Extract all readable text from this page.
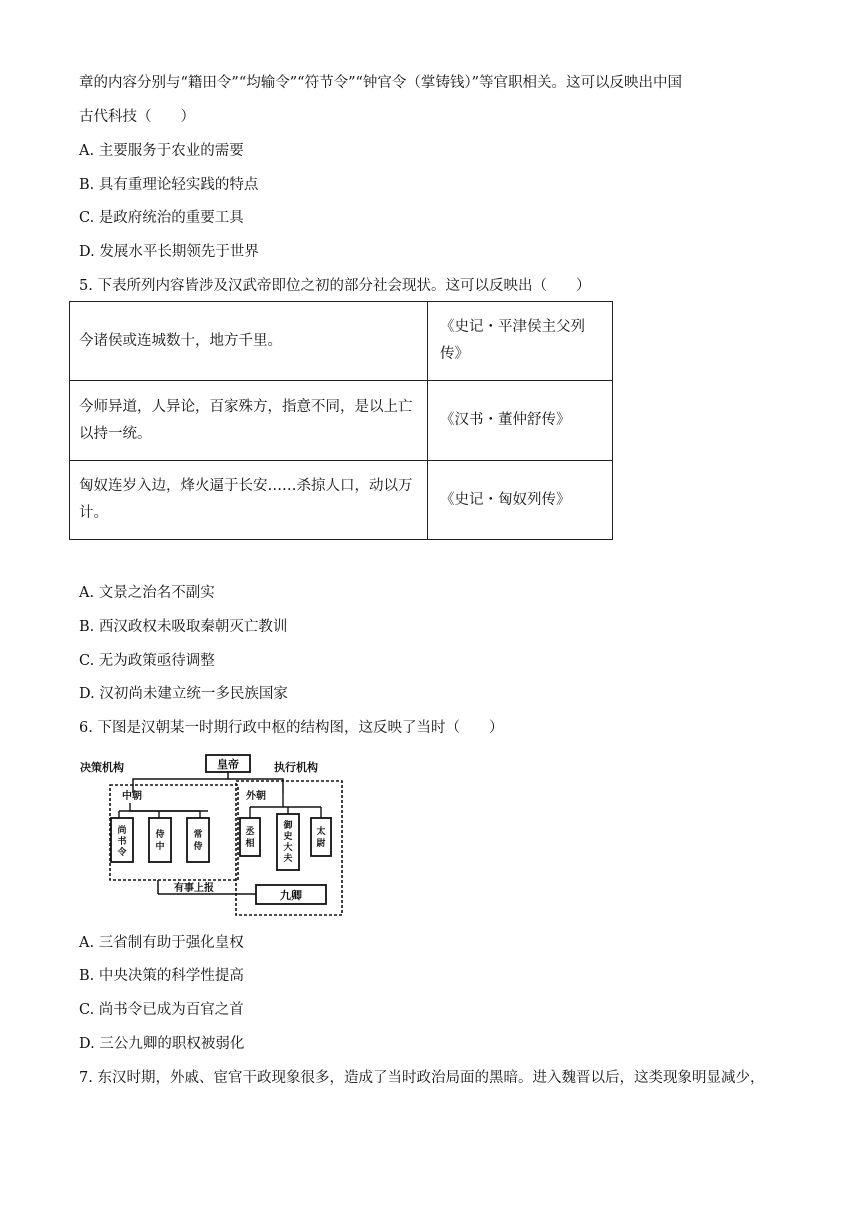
章的内容分别与“籍田令”“均输令”“符节令”“钟官令（掌铸钱）”等官职相关。这可以反映出中国
古代科技（　　）
A. 主要服务于农业的需要
B. 具有重理论轻实践的特点
C. 是政府统治的重要工具
D. 发展水平长期领先于世界
5. 下表所列内容皆涉及汉武帝即位之初的部分社会现状。这可以反映出（　　）
今诸侯或连城数十，地方千里。	《史记・平津侯主父列
传》

今师异道，人异论，百家殊方，指意不同，是以上亡
以持一统。	《汉书・董仲舒传》

匈奴连岁入边，烽火逼于长安……杀掠人口，动以万
计。	《史记・匈奴列传》
A. 文景之治名不副实
B. 西汉政权未吸取秦朝灭亡教训
C. 无为政策亟待调整
D. 汉初尚未建立统一多民族国家
6. 下图是汉朝某一时期行政中枢的结构图，这反映了当时（　　）
决策机构	执行机构
皇帝
中朝
尚书令
侍中
常侍
外朝
丞相
御史大夫
太尉
有事上报
九卿
A. 三省制有助于强化皇权
B. 中央决策的科学性提高
C. 尚书令已成为百官之首
D. 三公九卿的职权被弱化
7. 东汉时期，外戚、宦官干政现象很多，造成了当时政治局面的黑暗。进入魏晋以后，这类现象明显减少，
